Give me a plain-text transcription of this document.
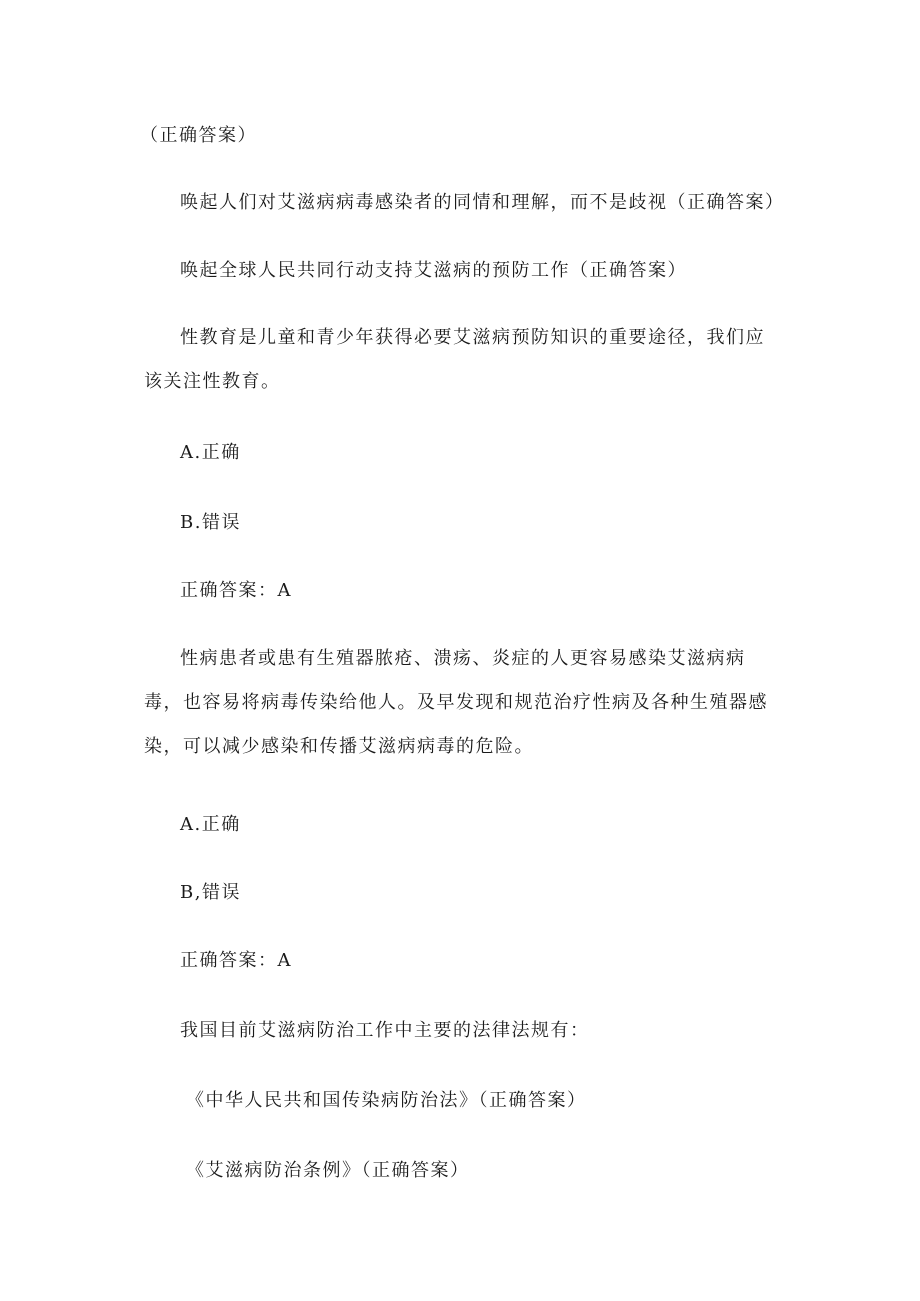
（正确答案）
唤起人们对艾滋病病毒感染者的同情和理解，而不是歧视（正确答案）
唤起全球人民共同行动支持艾滋病的预防工作（正确答案）
性教育是儿童和青少年获得必要艾滋病预防知识的重要途径，我们应该关注性教育。
A.正确
B.错误
正确答案：A
性病患者或患有生殖器脓疮、溃疡、炎症的人更容易感染艾滋病病毒，也容易将病毒传染给他人。及早发现和规范治疗性病及各种生殖器感染，可以减少感染和传播艾滋病病毒的危险。
A.正确
B,错误
正确答案：A
我国目前艾滋病防治工作中主要的法律法规有：
《中华人民共和国传染病防治法》（正确答案）
《艾滋病防治条例》（正确答案）
